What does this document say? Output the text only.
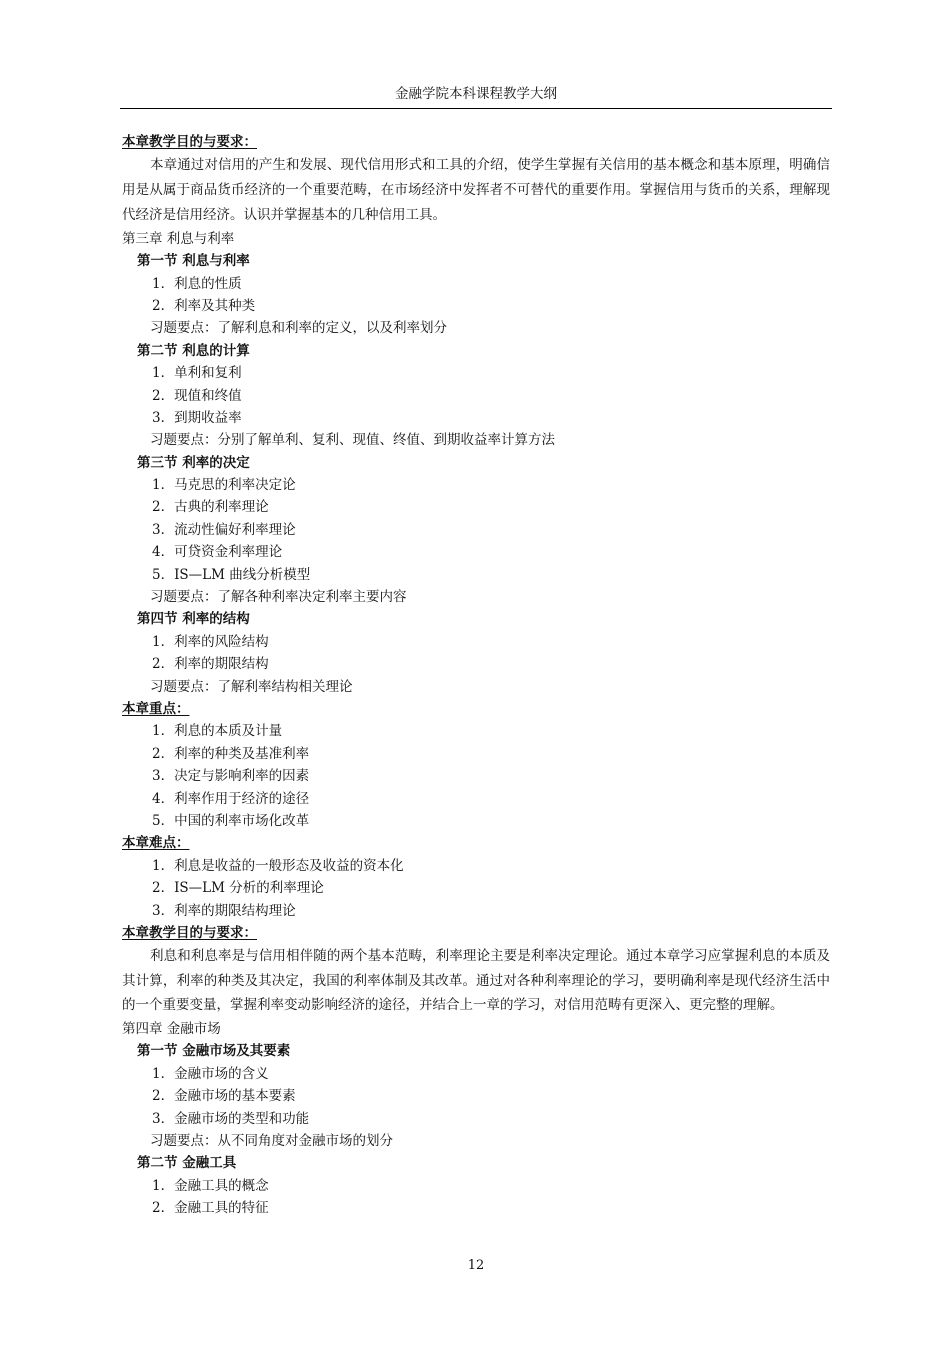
金融学院本科课程教学大纲
本章教学目的与要求：
本章通过对信用的产生和发展、现代信用形式和工具的介绍，使学生掌握有关信用的基本概念和基本原理，明确信用是从属于商品货币经济的一个重要范畴，在市场经济中发挥者不可替代的重要作用。掌握信用与货币的关系，理解现代经济是信用经济。认识并掌握基本的几种信用工具。
第三章 利息与利率
第一节 利息与利率
1．利息的性质
2．利率及其种类
习题要点：了解利息和利率的定义，以及利率划分
第二节 利息的计算
1．单利和复利
2．现值和终值
3．到期收益率
习题要点：分别了解单利、复利、现值、终值、到期收益率计算方法
第三节 利率的决定
1．马克思的利率决定论
2．古典的利率理论
3．流动性偏好利率理论
4．可贷资金利率理论
5．IS—LM 曲线分析模型
习题要点：了解各种利率决定利率主要内容
第四节 利率的结构
1．利率的风险结构
2．利率的期限结构
习题要点：了解利率结构相关理论
本章重点：
1．利息的本质及计量
2．利率的种类及基准利率
3．决定与影响利率的因素
4．利率作用于经济的途径
5．中国的利率市场化改革
本章难点：
1．利息是收益的一般形态及收益的资本化
2．IS—LM 分析的利率理论
3．利率的期限结构理论
本章教学目的与要求：
利息和利息率是与信用相伴随的两个基本范畴，利率理论主要是利率决定理论。通过本章学习应掌握利息的本质及其计算，利率的种类及其决定，我国的利率体制及其改革。通过对各种利率理论的学习，要明确利率是现代经济生活中的一个重要变量，掌握利率变动影响经济的途径，并结合上一章的学习，对信用范畴有更深入、更完整的理解。
第四章 金融市场
第一节 金融市场及其要素
1．金融市场的含义
2．金融市场的基本要素
3．金融市场的类型和功能
习题要点：从不同角度对金融市场的划分
第二节 金融工具
1．金融工具的概念
2．金融工具的特征
12
